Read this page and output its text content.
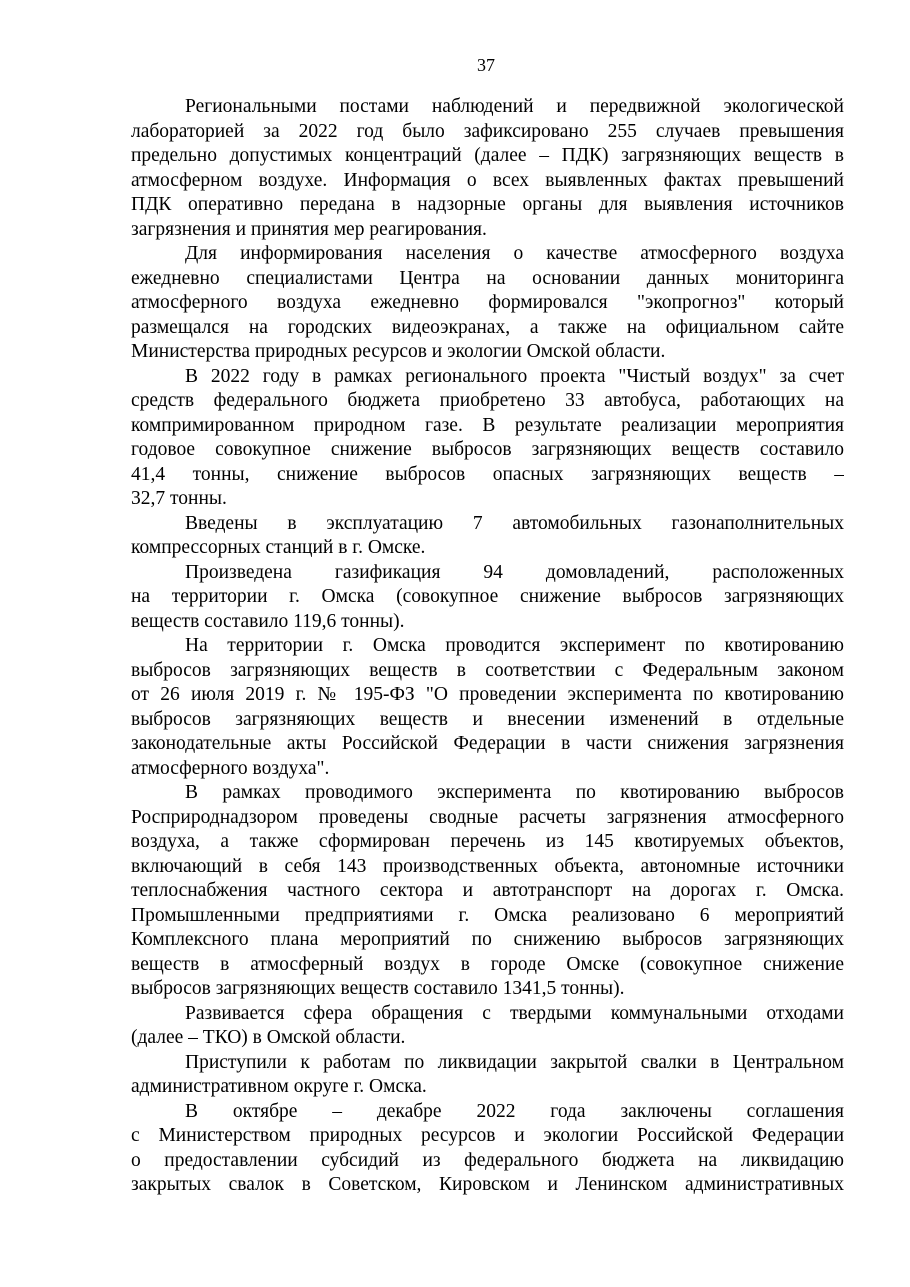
37
Региональными постами наблюдений и передвижной экологической
лабораторией за 2022 год было зафиксировано 255 случаев превышения
предельно допустимых концентраций (далее – ПДК) загрязняющих веществ в
атмосферном воздухе. Информация о всех выявленных фактах превышений
ПДК оперативно передана в надзорные органы для выявления источников
загрязнения и принятия мер реагирования.
Для информирования населения о качестве атмосферного воздуха
ежедневно специалистами Центра на основании данных мониторинга
атмосферного воздуха ежедневно формировался "экопрогноз" который
размещался на городских видеоэкранах, а также на официальном сайте
Министерства природных ресурсов и экологии Омской области.
В 2022 году в рамках регионального проекта "Чистый воздух" за счет
средств федерального бюджета приобретено 33 автобуса, работающих на
компримированном природном газе. В результате реализации мероприятия
годовое совокупное снижение выбросов загрязняющих веществ составило
41,4 тонны, снижение выбросов опасных загрязняющих веществ –
32,7 тонны.
Введены в эксплуатацию 7 автомобильных газонаполнительных
компрессорных станций в г. Омске.
Произведена газификация 94 домовладений, расположенных
на территории г. Омска (совокупное снижение выбросов загрязняющих
веществ составило 119,6 тонны).
На территории г. Омска проводится эксперимент по квотированию
выбросов загрязняющих веществ в соответствии с Федеральным законом
от 26 июля 2019 г. № 195-ФЗ "О проведении эксперимента по квотированию
выбросов загрязняющих веществ и внесении изменений в отдельные
законодательные акты Российской Федерации в части снижения загрязнения
атмосферного воздуха".
В рамках проводимого эксперимента по квотированию выбросов
Росприроднадзором проведены сводные расчеты загрязнения атмосферного
воздуха, а также сформирован перечень из 145 квотируемых объектов,
включающий в себя 143 производственных объекта, автономные источники
теплоснабжения частного сектора и автотранспорт на дорогах г. Омска.
Промышленными предприятиями г. Омска реализовано 6 мероприятий
Комплексного плана мероприятий по снижению выбросов загрязняющих
веществ в атмосферный воздух в городе Омске (совокупное снижение
выбросов загрязняющих веществ составило 1341,5 тонны).
Развивается сфера обращения с твердыми коммунальными отходами
(далее – ТКО) в Омской области.
Приступили к работам по ликвидации закрытой свалки в Центральном
административном округе г. Омска.
В октябре – декабре 2022 года заключены соглашения
с Министерством природных ресурсов и экологии Российской Федерации
о предоставлении субсидий из федерального бюджета на ликвидацию
закрытых свалок в Советском, Кировском и Ленинском административных
